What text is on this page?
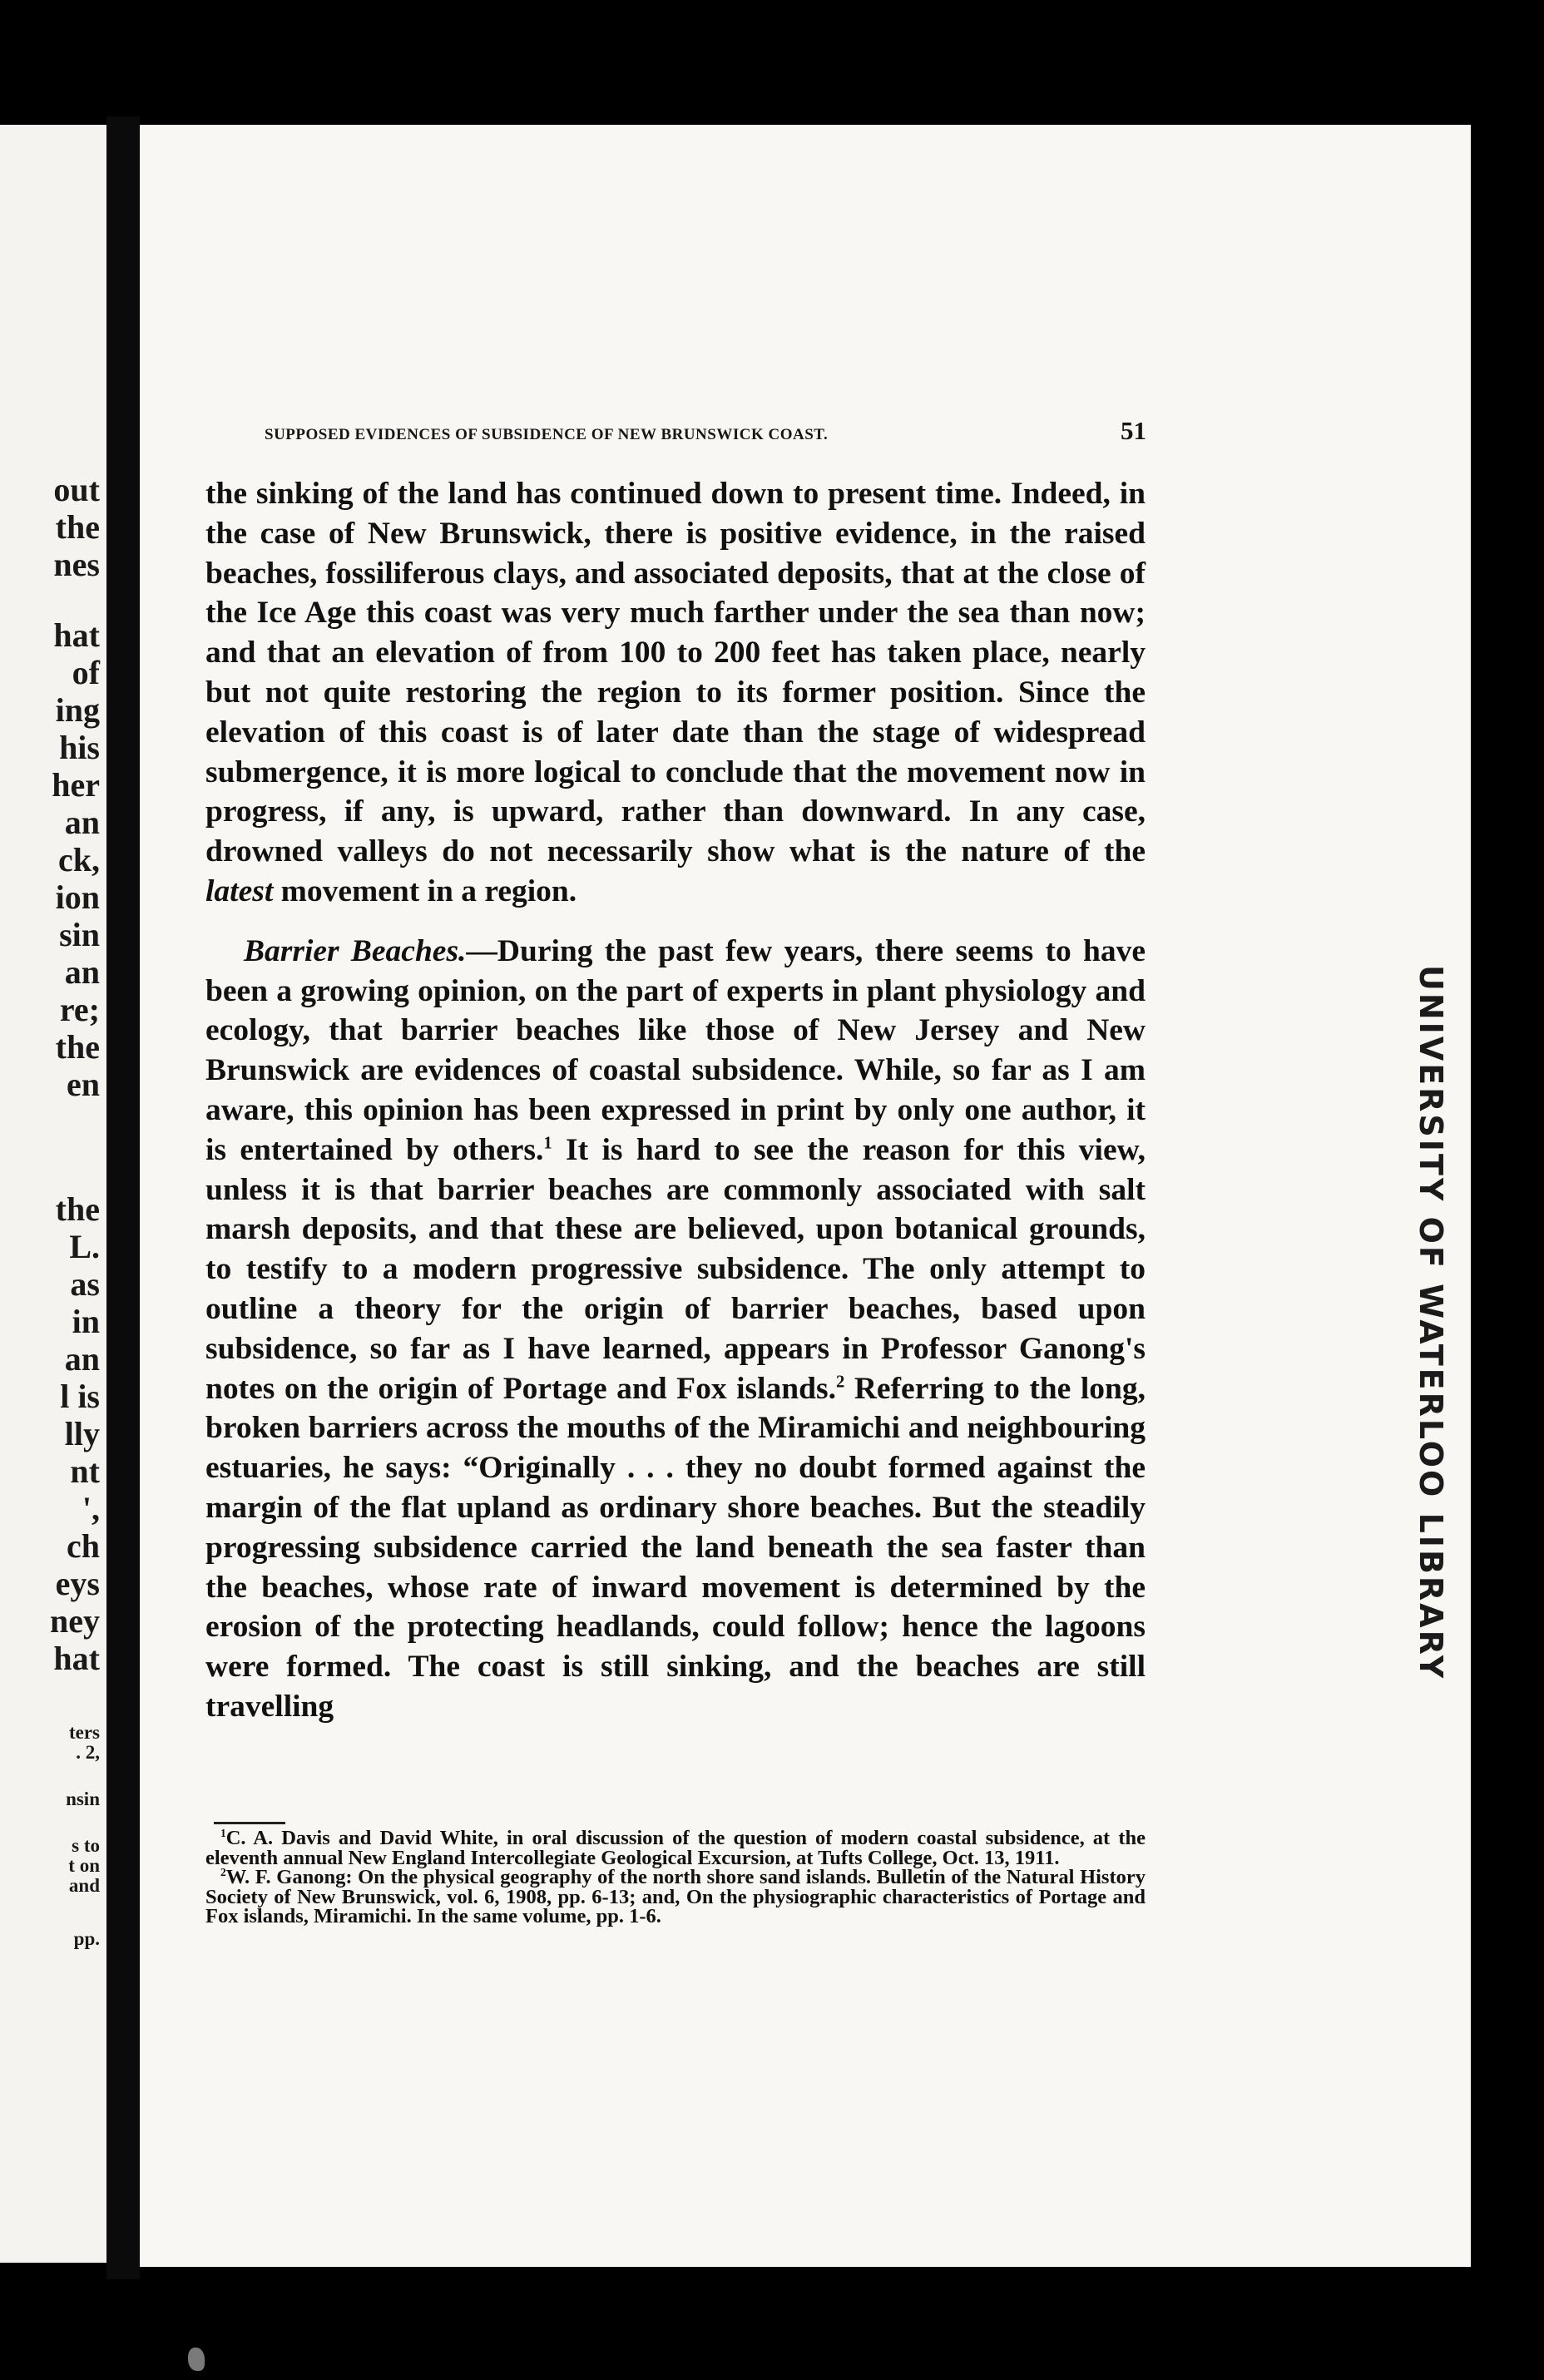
out

the

nes

hat

of

ing

his

her

an

ck,

ion

sin

an

re;

the

en

the

L.

as

in

an

l is

lly

nt

',

ch

eys

ney

hat

ters

. 2,

nsin

s to

t on

and

pp.

SUPPOSED EVIDENCES OF SUBSIDENCE OF NEW BRUNSWICK COAST.	51

the sinking of the land has continued down to present time. Indeed, in the case of New Brunswick, there is positive evidence, in the raised beaches, fossiliferous clays, and associated deposits, that at the close of the Ice Age this coast was very much farther under the sea than now; and that an elevation of from 100 to 200 feet has taken place, nearly but not quite restoring the region to its former position. Since the elevation of this coast is of later date than the stage of widespread submergence, it is more logical to conclude that the movement now in progress, if any, is upward, rather than downward. In any case, drowned valleys do not necessarily show what is the nature of the latest movement in a region.

Barrier Beaches.—During the past few years, there seems to have been a growing opinion, on the part of experts in plant physiology and ecology, that barrier beaches like those of New Jersey and New Brunswick are evidences of coastal subsidence. While, so far as I am aware, this opinion has been expressed in print by only one author, it is entertained by others.$^1$ It is hard to see the reason for this view, unless it is that barrier beaches are commonly associated with salt marsh deposits, and that these are believed, upon botanical grounds, to testify to a modern progressive subsidence. The only attempt to outline a theory for the origin of barrier beaches, based upon subsidence, so far as I have learned, appears in Professor Ganong's notes on the origin of Portage and Fox islands.$^2$ Referring to the long, broken barriers across the mouths of the Miramichi and neighbouring estuaries, he says: “Originally . . . they no doubt formed against the margin of the flat upland as ordinary shore beaches. But the steadily progressing subsidence carried the land beneath the sea faster than the beaches, whose rate of inward movement is determined by the erosion of the protecting headlands, could follow; hence the lagoons were formed. The coast is still sinking, and the beaches are still travelling

$^1$C. A. Davis and David White, in oral discussion of the question of modern coastal subsidence, at the eleventh annual New England Intercollegiate Geological Excursion, at Tufts College, Oct. 13, 1911.

$^2$W. F. Ganong: On the physical geography of the north shore sand islands. Bulletin of the Natural History Society of New Brunswick, vol. 6, 1908, pp. 6-13; and, On the physiographic characteristics of Portage and Fox islands, Miramichi. In the same volume, pp. 1-6.

UNIVERSITY OF WATERLOO LIBRARY
